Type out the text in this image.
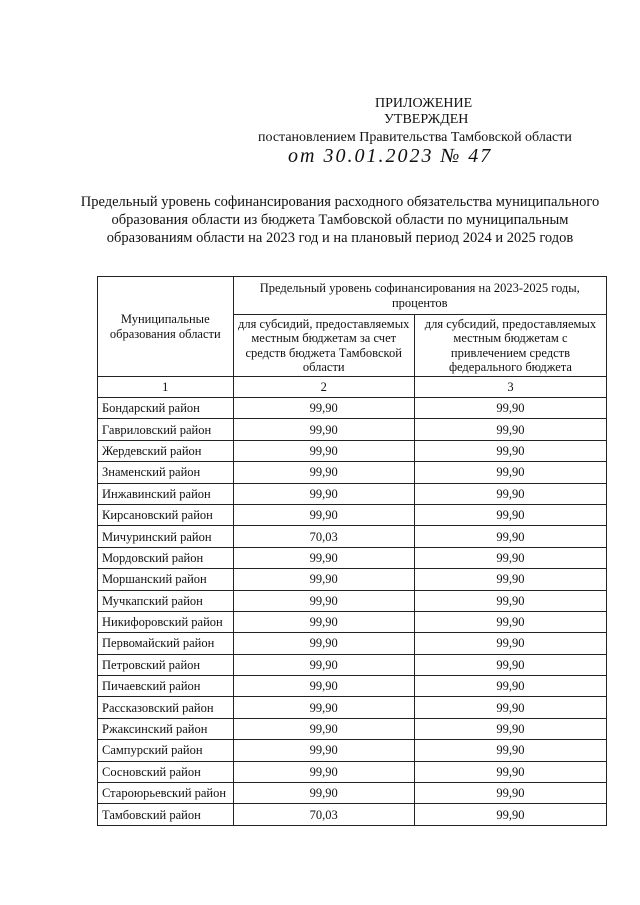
ПРИЛОЖЕНИЕ
УТВЕРЖДЕН
постановлением Правительства Тамбовской области
от 30.01.2023 № 47
Предельный уровень софинансирования расходного обязательства муниципального образования области из бюджета Тамбовской области по муниципальным образованиям области на 2023 год и на плановый период 2024 и 2025 годов
Муниципальные образования области	Предельный уровень софинансирования на 2023-2025 годы, процентов	
	для субсидий, предоставляемых местным бюджетам за счет средств бюджета Тамбовской области	для субсидий, предоставляемых местным бюджетам с привлечением средств федерального бюджета
1	2	3
Бондарский район	99,90	99,90
Гавриловский район	99,90	99,90
Жердевский район	99,90	99,90
Знаменский район	99,90	99,90
Инжавинский район	99,90	99,90
Кирсановский район	99,90	99,90
Мичуринский район	70,03	99,90
Мордовский район	99,90	99,90
Моршанский район	99,90	99,90
Мучкапский район	99,90	99,90
Никифоровский район	99,90	99,90
Первомайский район	99,90	99,90
Петровский район	99,90	99,90
Пичаевский район	99,90	99,90
Рассказовский район	99,90	99,90
Ржаксинский район	99,90	99,90
Сампурский район	99,90	99,90
Сосновский район	99,90	99,90
Староюрьевский район	99,90	99,90
Тамбовский район	70,03	99,90
